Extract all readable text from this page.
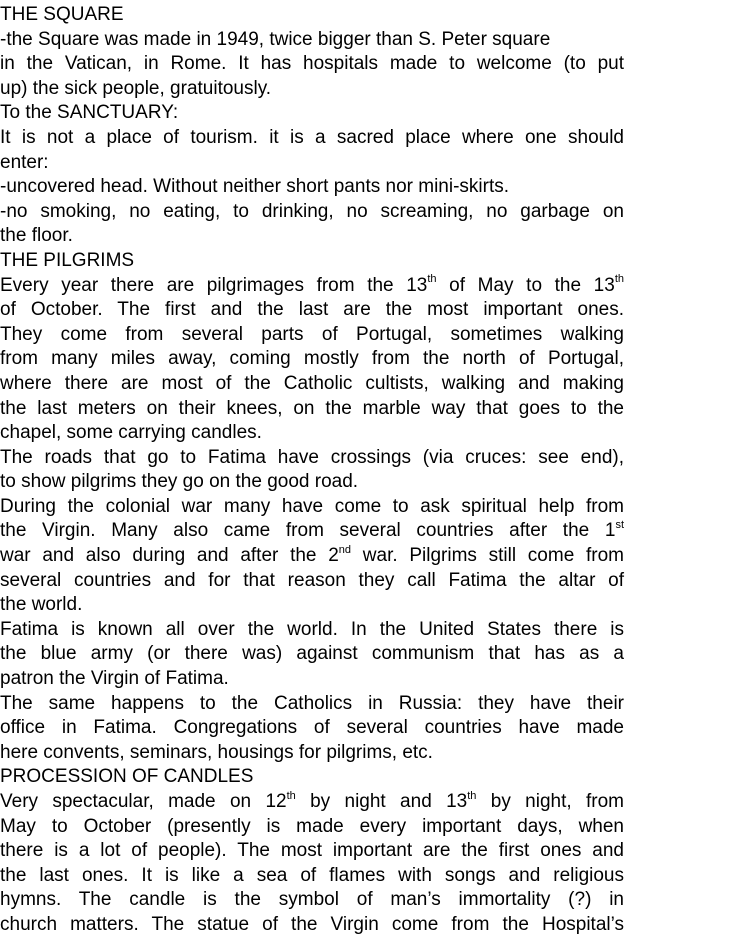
THE SQUARE
-the Square was made in 1949, twice bigger than S. Peter square
in the Vatican, in Rome. It has hospitals made to welcome (to put
up) the sick people, gratuitously.
To the SANCTUARY:
It is not a place of tourism. it is a sacred place where one should
enter:
-uncovered head. Without neither short pants nor mini-skirts.
-no smoking, no eating, to drinking, no screaming, no garbage on
the floor.
THE PILGRIMS
Every year there are pilgrimages from the 13th of May to the 13th
of October. The first and the last are the most important ones.
They come from several parts of Portugal, sometimes walking
from many miles away, coming mostly from the north of Portugal,
where there are most of the Catholic cultists, walking and making
the last meters on their knees, on the marble way that goes to the
chapel, some carrying candles.
The roads that go to Fatima have crossings (via cruces: see end),
to show pilgrims they go on the good road.
During the colonial war many have come to ask spiritual help from
the Virgin. Many also came from several countries after the 1st
war and also during and after the 2nd war. Pilgrims still come from
several countries and for that reason they call Fatima the altar of
the world.
Fatima is known all over the world. In the United States there is
the blue army (or there was) against communism that has as a
patron the Virgin of Fatima.
The same happens to the Catholics in Russia: they have their
office in Fatima. Congregations of several countries have made
here convents, seminars, housings for pilgrims, etc.
PROCESSION OF CANDLES
Very spectacular, made on 12th by night and 13th by night, from
May to October (presently is made every important days, when
there is a lot of people). The most important are the first ones and
the last ones. It is like a sea of flames with songs and religious
hymns. The candle is the symbol of man’s immortality (?) in
church matters. The statue of the Virgin come from the Hospital’s
